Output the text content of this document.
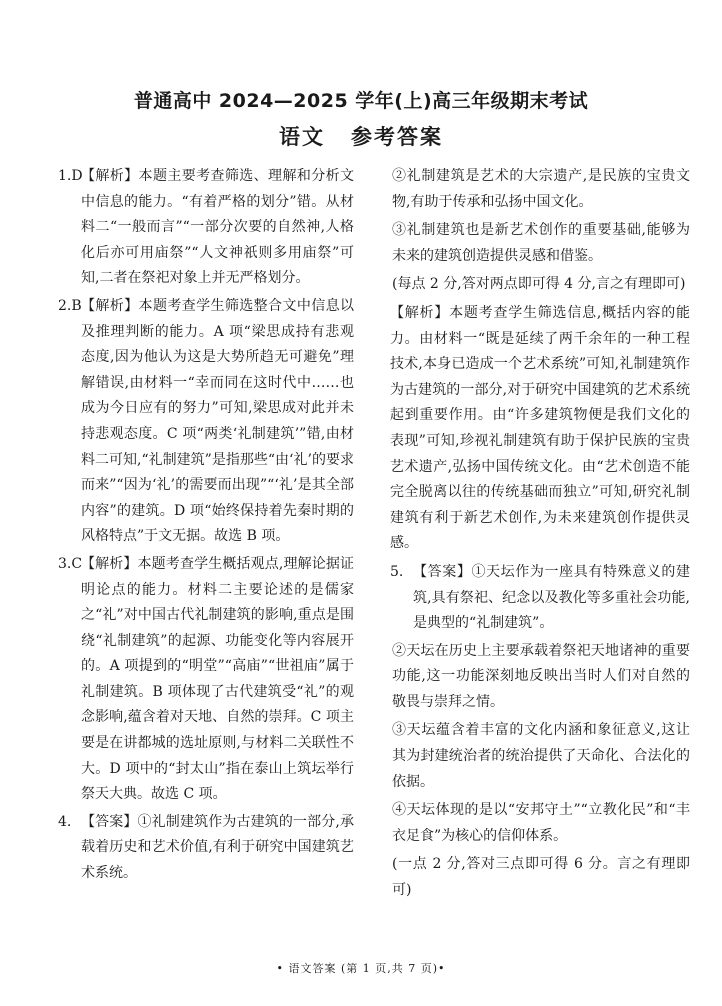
普通高中 2024—2025 学年(上)高三年级期末考试
语文 参考答案
1.D
【解析】本题主要考查筛选、理解和分析文中信息的能力。“有着严格的划分”错。从材料二“一般而言”“一部分次要的自然神,人格化后亦可用庙祭”“人文神祇则多用庙祭”可知,二者在祭祀对象上并无严格划分。
2.B 【解析】本题考查学生筛选整合文中信息以及推理判断的能力。A 项“梁思成持有悲观态度,因为他认为这是大势所趋无可避免”理解错误,由材料一“幸而同在这时代中……也成为今日应有的努力”可知,梁思成对此并未持悲观态度。C 项“两类‘礼制建筑’”错,由材料二可知,“礼制建筑”是指那些“由‘礼’的要求而来”“因为‘礼’的需要而出现”“‘礼’是其全部内容”的建筑。D 项“始终保持着先秦时期的风格特点”于文无据。故选 B 项。
3.C
【解析】本题考查学生概括观点,理解论据证明论点的能力。材料二主要论述的是儒家之“礼”对中国古代礼制建筑的影响,重点是围绕“礼制建筑”的起源、功能变化等内容展开的。A 项提到的“明堂”“高庙”“世祖庙”属于礼制建筑。B 项体现了古代建筑受“礼”的观念影响,蕴含着对天地、自然的崇拜。C 项主要是在讲都城的选址原则,与材料二关联性不大。D 项中的“封太山”指在泰山上筑坛举行祭天大典。故选 C 项。
4. 【答案】①礼制建筑作为古建筑的一部分,承载着历史和艺术价值,有利于研究中国建筑艺术系统。
②礼制建筑是艺术的大宗遗产,是民族的宝贵文物,有助于传承和弘扬中国文化。
③礼制建筑也是新艺术创作的重要基础,能够为未来的建筑创造提供灵感和借鉴。
(每点 2 分,答对两点即可得 4 分,言之有理即可)
【解析】本题考查学生筛选信息,概括内容的能力。由材料一“既是延续了两千余年的一种工程技术,本身已造成一个艺术系统”可知,礼制建筑作为古建筑的一部分,对于研究中国建筑的艺术系统起到重要作用。由“许多建筑物便是我们文化的表现”可知,珍视礼制建筑有助于保护民族的宝贵艺术遗产,弘扬中国传统文化。由“艺术创造不能完全脱离以往的传统基础而独立”可知,研究礼制建筑有利于新艺术创作,为未来建筑创作提供灵感。
5. 【答案】①天坛作为一座具有特殊意义的建筑,具有祭祀、纪念以及教化等多重社会功能,是典型的“礼制建筑”。
②天坛在历史上主要承载着祭祀天地诸神的重要功能,这一功能深刻地反映出当时人们对自然的敬畏与崇拜之情。
③天坛蕴含着丰富的文化内涵和象征意义,这让其为封建统治者的统治提供了天命化、合法化的依据。
④天坛体现的是以“安邦守土”“立教化民”和“丰衣足食”为核心的信仰体系。
(一点 2 分,答对三点即可得 6 分。言之有理即可)
• 语文答案 (第 1 页,共 7 页)•
